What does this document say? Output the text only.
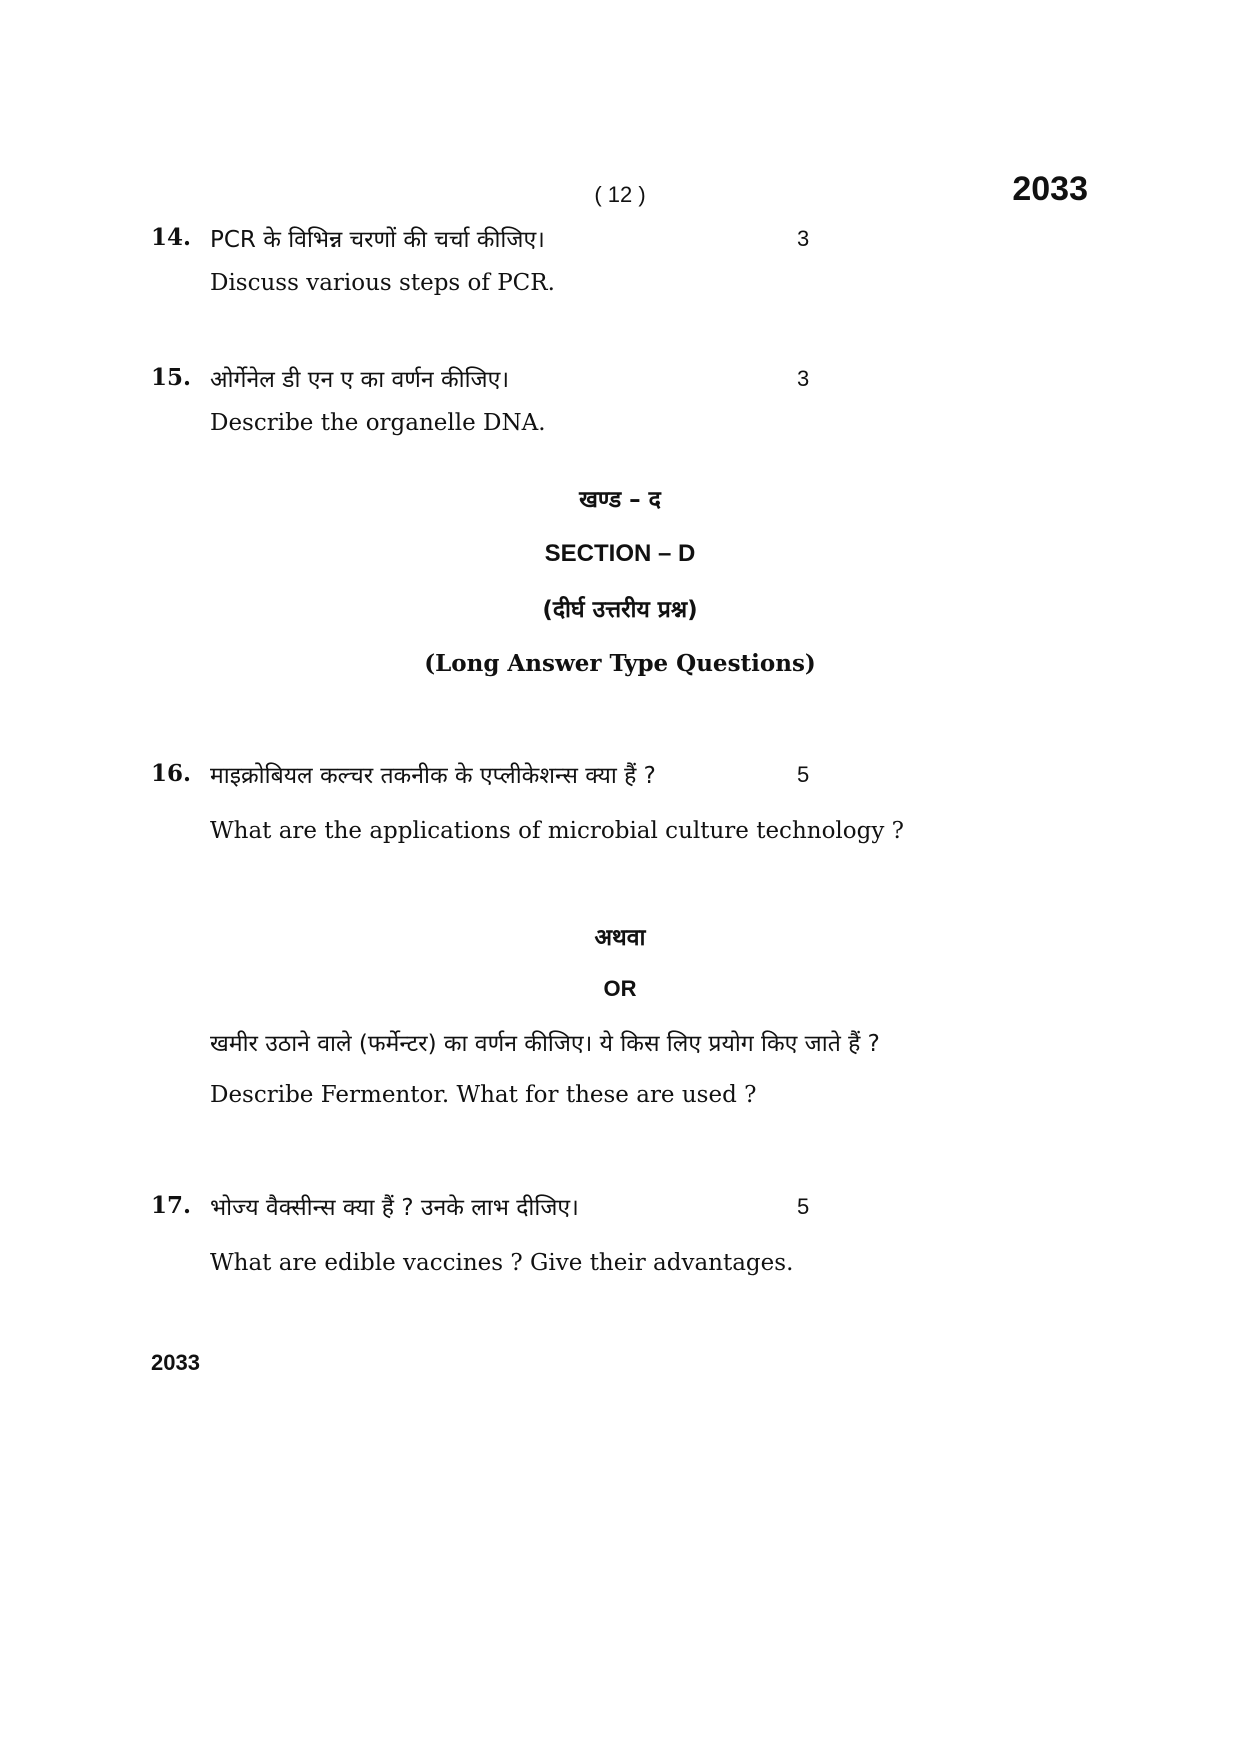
( 12 )	2033
14. PCR के विभिन्न चरणों की चर्चा कीजिए।	3
Discuss various steps of PCR.
15. ओर्गेनेल डी एन ए का वर्णन कीजिए।	3
Describe the organelle DNA.
खण्ड – द
SECTION – D
(दीर्घ उत्तरीय प्रश्न)
(Long Answer Type Questions)
16. माइक्रोबियल कल्चर तकनीक के एप्लीकेशन्स क्या हैं ?	5
What are the applications of microbial culture technology ?
अथवा
OR
खमीर उठाने वाले (फर्मेन्टर) का वर्णन कीजिए। ये किस लिए प्रयोग किए जाते हैं ?
Describe Fermentor. What for these are used ?
17. भोज्य वैक्सीन्स क्या हैं ? उनके लाभ दीजिए।	5
What are edible vaccines ? Give their advantages.
2033
